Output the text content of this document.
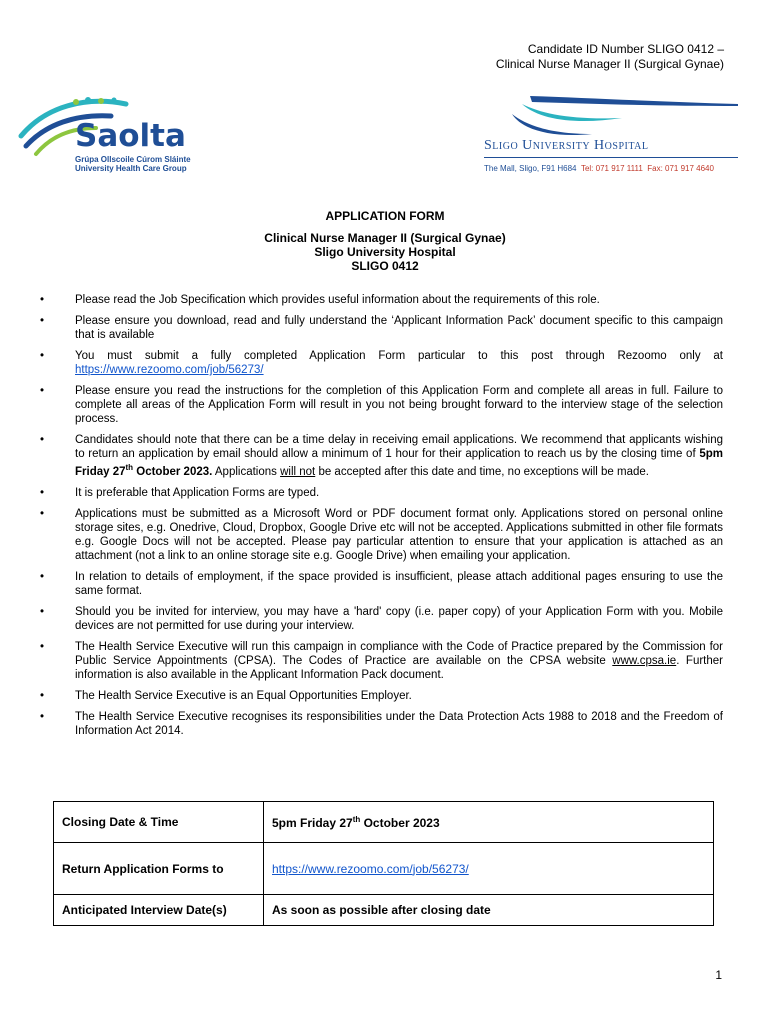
Candidate ID Number SLIGO 0412 –
Clinical Nurse Manager II (Surgical Gynae)
Saolta
Grúpa Ollscoile Cúrom Sláinte
University Health Care Group
Sligo University Hospital
The Mall, Sligo, F91 H684 Tel: 071 917 1111 Fax: 071 917 4640
APPLICATION FORM
Clinical Nurse Manager II (Surgical Gynae)
Sligo University Hospital
SLIGO 0412
•	Please read the Job Specification which provides useful information about the requirements of this role.
•	Please ensure you download, read and fully understand the ‘Applicant Information Pack’ document specific to this campaign that is available
•	You must submit a fully completed Application Form particular to this post through Rezoomo only at https://www.rezoomo.com/job/56273/
•	Please ensure you read the instructions for the completion of this Application Form and complete all areas in full. Failure to complete all areas of the Application Form will result in you not being brought forward to the interview stage of the selection process.
•	Candidates should note that there can be a time delay in receiving email applications. We recommend that applicants wishing to return an application by email should allow a minimum of 1 hour for their application to reach us by the closing time of 5pm Friday 27th October 2023. Applications will not be accepted after this date and time, no exceptions will be made.
•	It is preferable that Application Forms are typed.
•	Applications must be submitted as a Microsoft Word or PDF document format only. Applications stored on personal online storage sites, e.g. Onedrive, Cloud, Dropbox, Google Drive etc will not be accepted. Applications submitted in other file formats e.g. Google Docs will not be accepted. Please pay particular attention to ensure that your application is attached as an attachment (not a link to an online storage site e.g. Google Drive) when emailing your application.
•	In relation to details of employment, if the space provided is insufficient, please attach additional pages ensuring to use the same format.
•	Should you be invited for interview, you may have a 'hard' copy (i.e. paper copy) of your Application Form with you. Mobile devices are not permitted for use during your interview.
•	The Health Service Executive will run this campaign in compliance with the Code of Practice prepared by the Commission for Public Service Appointments (CPSA). The Codes of Practice are available on the CPSA website www.cpsa.ie. Further information is also available in the Applicant Information Pack document.
•	The Health Service Executive is an Equal Opportunities Employer.
•	The Health Service Executive recognises its responsibilities under the Data Protection Acts 1988 to 2018 and the Freedom of Information Act 2014.
Closing Date & Time	5pm Friday 27th October 2023
Return Application Forms to	https://www.rezoomo.com/job/56273/
Anticipated Interview Date(s)	As soon as possible after closing date
1
